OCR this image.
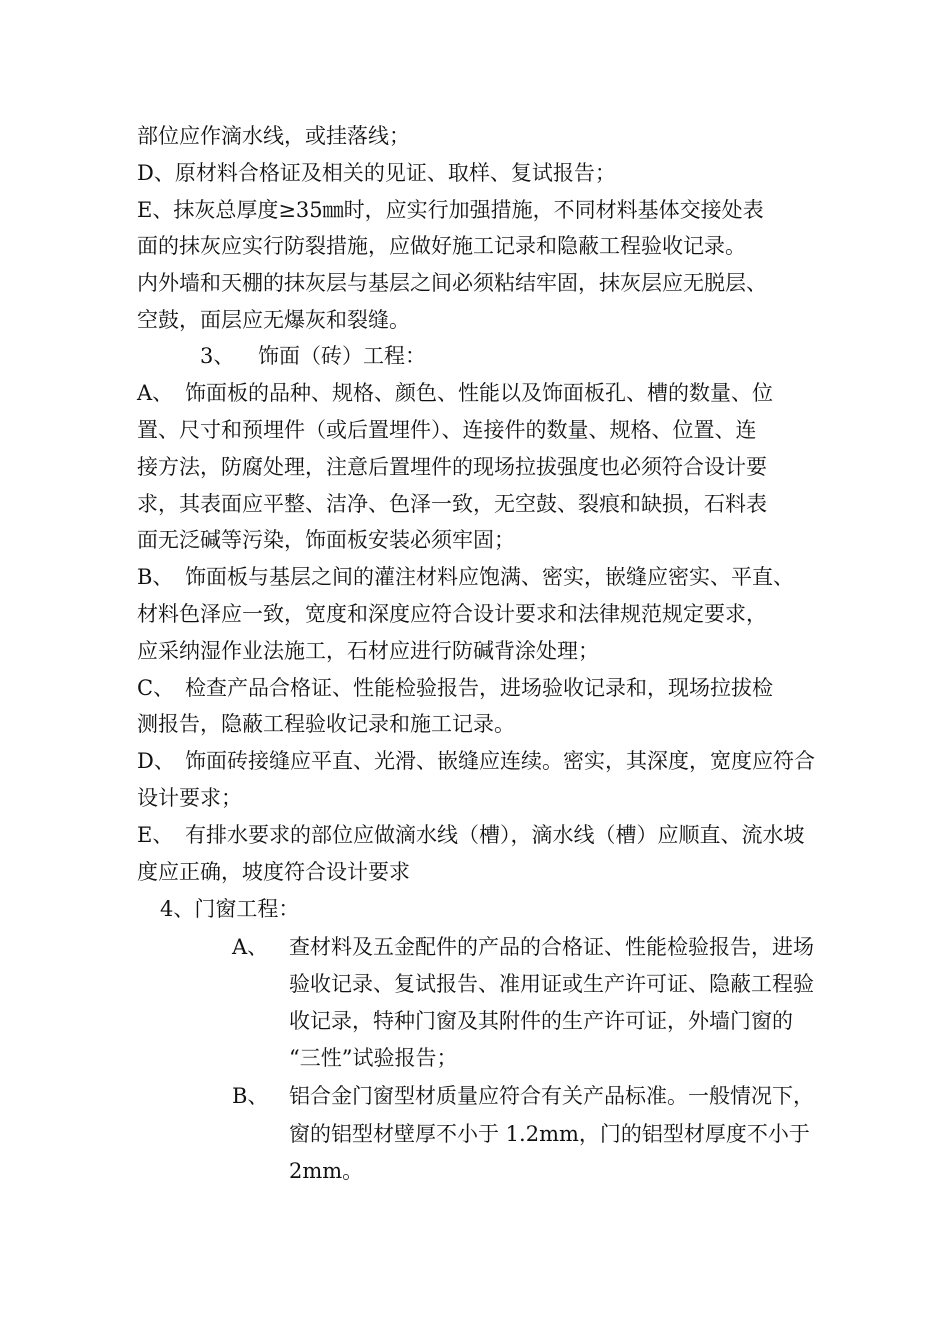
部位应作滴水线，或挂落线；
D、原材料合格证及相关的见证、取样、复试报告；
E、抹灰总厚度≥35㎜时，应实行加强措施，不同材料基体交接处表
面的抹灰应实行防裂措施，应做好施工记录和隐蔽工程验收记录。
内外墙和天棚的抹灰层与基层之间必须粘结牢固，抹灰层应无脱层、
空鼓，面层应无爆灰和裂缝。
3、 饰面（砖）工程：
A、 饰面板的品种、规格、颜色、性能以及饰面板孔、槽的数量、位
置、尺寸和预埋件（或后置埋件）、连接件的数量、规格、位置、连
接方法，防腐处理，注意后置埋件的现场拉拔强度也必须符合设计要
求，其表面应平整、洁净、色泽一致，无空鼓、裂痕和缺损，石料表
面无泛碱等污染，饰面板安装必须牢固；
B、 饰面板与基层之间的灌注材料应饱满、密实，嵌缝应密实、平直、
材料色泽应一致，宽度和深度应符合设计要求和法律规范规定要求，
应采纳湿作业法施工，石材应进行防碱背涂处理；
C、 检查产品合格证、性能检验报告，进场验收记录和，现场拉拔检
测报告，隐蔽工程验收记录和施工记录。
D、 饰面砖接缝应平直、光滑、嵌缝应连续。密实，其深度，宽度应符合
设计要求；
E、 有排水要求的部位应做滴水线（槽），滴水线（槽）应顺直、流水坡
度应正确，坡度符合设计要求
4、门窗工程：
A、 查材料及五金配件的产品的合格证、性能检验报告，进场
验收记录、复试报告、准用证或生产许可证、隐蔽工程验
收记录，特种门窗及其附件的生产许可证，外墙门窗的
“三性”试验报告；
B、 铝合金门窗型材质量应符合有关产品标准。一般情况下，
窗的铝型材壁厚不小于 1.2mm，门的铝型材厚度不小于
2mm。
